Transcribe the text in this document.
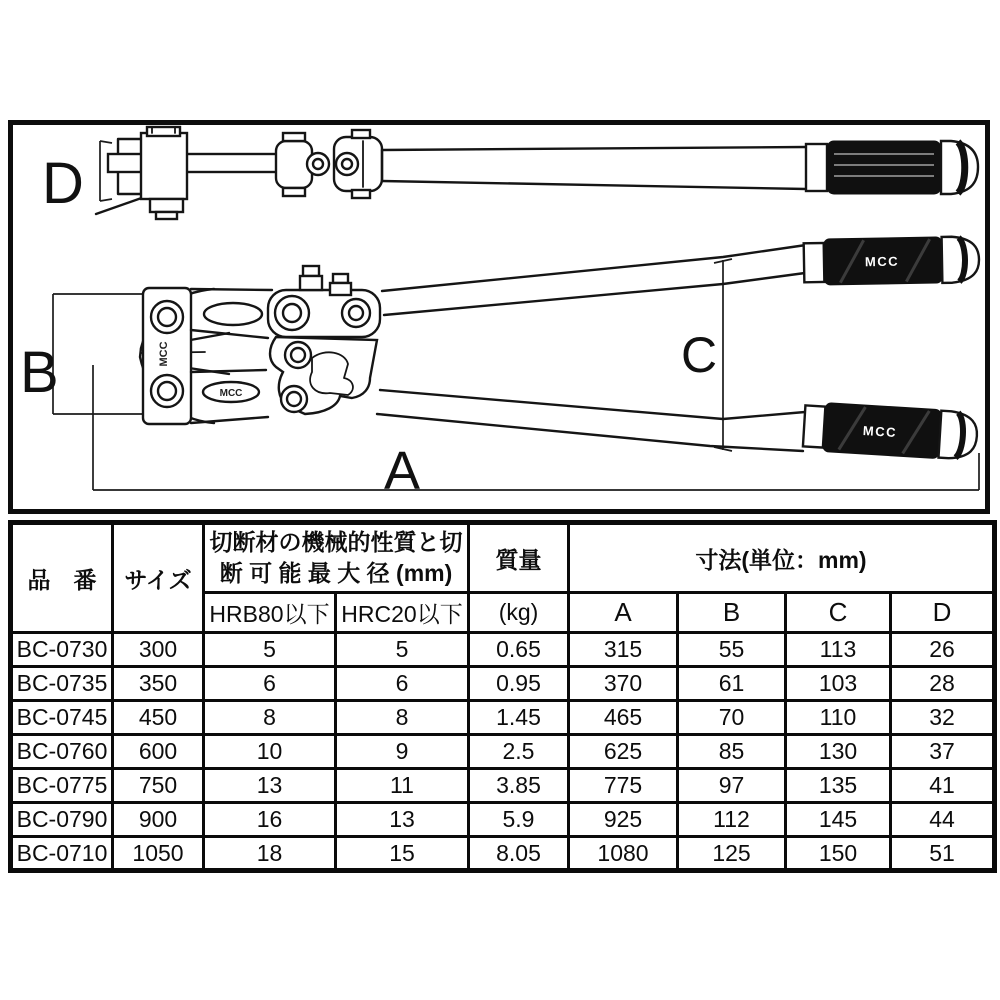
D
B
A
C
MCC
MCC
MCC
MCC
品　番	サイズ	切断材の機械的性質と切
断 可 能 最 大 径 (mm)		質量	寸法(単位：mm)			
		HRB80以下	HRC20以下	(kg)	A	B	C	D
BC-0730	300	5	5	0.65	315	55	113	26
BC-0735	350	6	6	0.95	370	61	103	28
BC-0745	450	8	8	1.45	465	70	110	32
BC-0760	600	10	9	2.5	625	85	130	37
BC-0775	750	13	11	3.85	775	97	135	41
BC-0790	900	16	13	5.9	925	112	145	44
BC-0710	1050	18	15	8.05	1080	125	150	51
